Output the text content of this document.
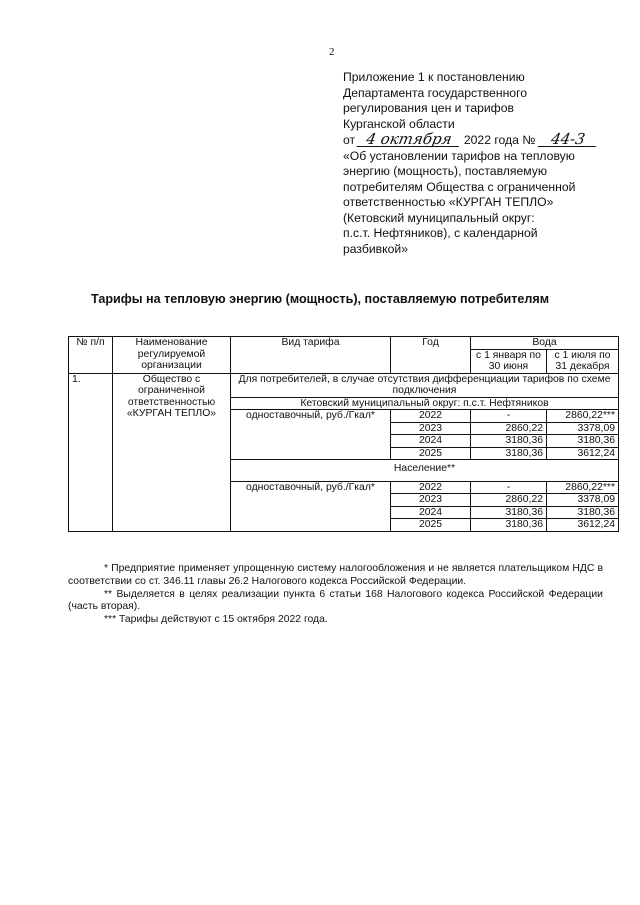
2
Приложение 1 к постановлению
Департамента государственного
регулирования цен и тарифов
Курганской области
от 4 октября 2022 года № 44-3
«Об установлении тарифов на тепловую
энергию (мощность), поставляемую
потребителям Общества с ограниченной
ответственностью «КУРГАН ТЕПЛО»
(Кетовский муниципальный округ:
п.с.т. Нефтяников), с календарной
разбивкой»
Тарифы на тепловую энергию (мощность), поставляемую потребителям
№ п/п	Наименование регулируемой организации	Вид тарифа	Год	Вода	
				с 1 января по 30 июня	с 1 июля по 31 декабря
1.	Общество с ограниченной ответственностью «КУРГАН ТЕПЛО»	Для потребителей, в случае отсутствия дифференциации тарифов по схеме подключения			
		Кетовский муниципальный округ: п.с.т. Нефтяников			
		одноставочный, руб./Гкал*	2022	-	2860,22***
			2023	2860,22	3378,09
			2024	3180,36	3180,36
			2025	3180,36	3612,24
		Население**			
		одноставочный, руб./Гкал*	2022	-	2860,22***
			2023	2860,22	3378,09
			2024	3180,36	3180,36
			2025	3180,36	3612,24

* Предприятие применяет упрощенную систему налогообложения и не является плательщиком НДС в соответствии со ст. 346.11 главы 26.2 Налогового кодекса Российской Федерации.

** Выделяется в целях реализации пункта 6 статьи 168 Налогового кодекса Российской Федерации (часть вторая).

*** Тарифы действуют с 15 октября 2022 года.
